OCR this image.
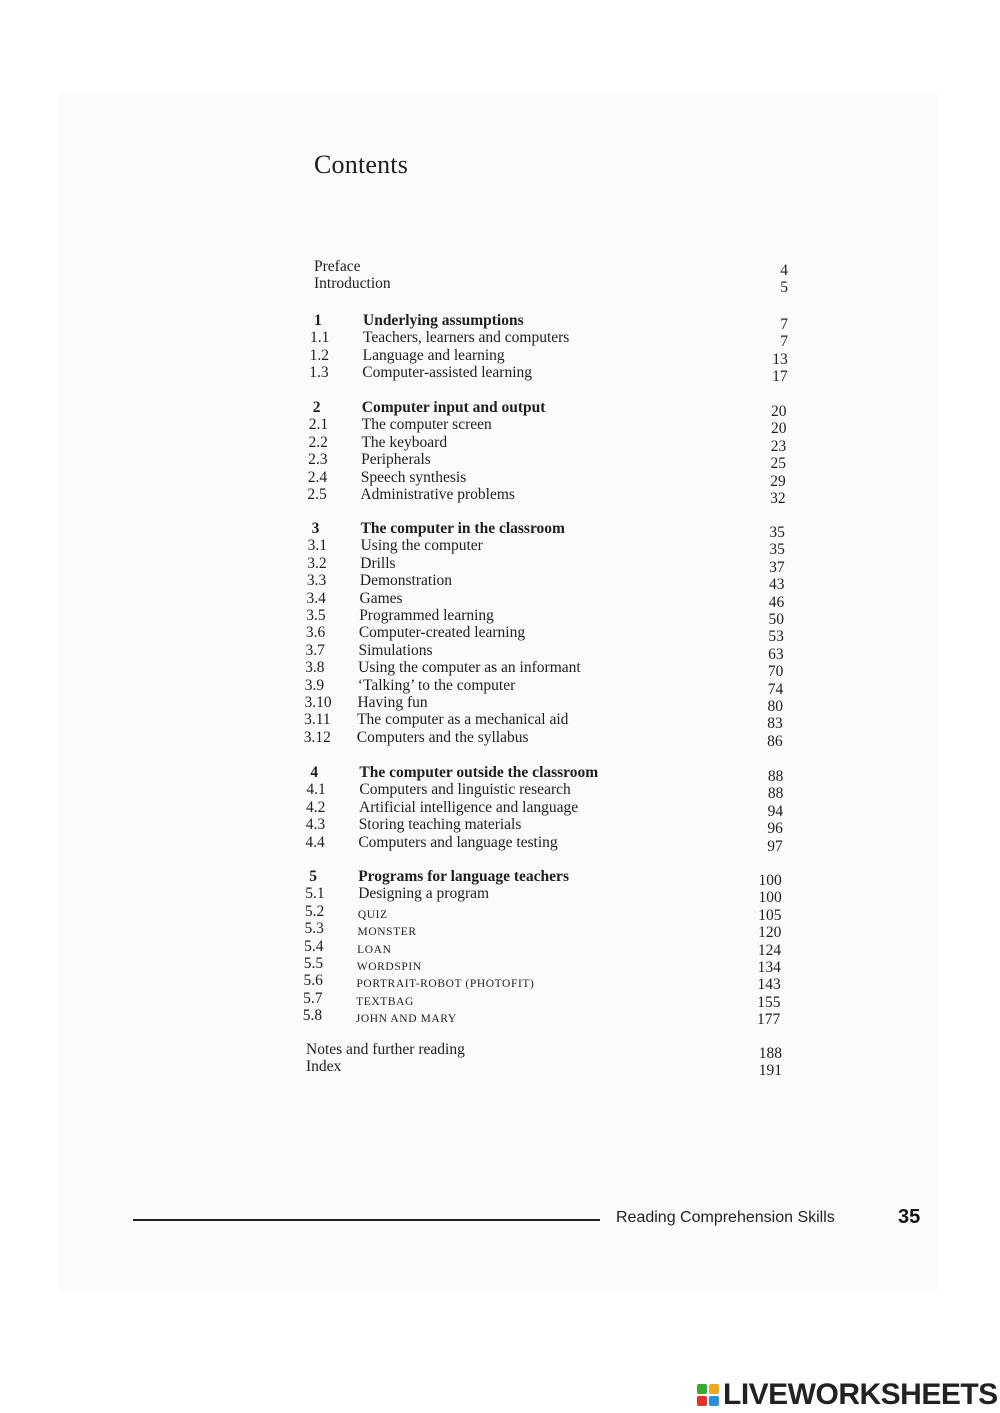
Contents
Preface	4
Introduction	5
1	Underlying assumptions	7
1.1 Teachers, learners and computers	7
1.2 Language and learning	13
1.3 Computer-assisted learning	17
2	Computer input and output	20
2.1 The computer screen	20
2.2 The keyboard	23
2.3 Peripherals	25
2.4 Speech synthesis	29
2.5 Administrative problems	32
3	The computer in the classroom	35
3.1 Using the computer	35
3.2 Drills	37
3.3 Demonstration	43
3.4 Games	46
3.5 Programmed learning	50
3.6 Computer-created learning	53
3.7 Simulations	63
3.8 Using the computer as an informant	70
3.9 ‘Talking’ to the computer	74
3.10 Having fun	80
3.11 The computer as a mechanical aid	83
3.12 Computers and the syllabus	86
4	The computer outside the classroom	88
4.1 Computers and linguistic research	88
4.2 Artificial intelligence and language	94
4.3 Storing teaching materials	96
4.4 Computers and language testing	97
5	Programs for language teachers	100
5.1 Designing a program	100
5.2	QUIZ	105
5.3	MONSTER	120
5.4	LOAN	124
5.5	WORDSPIN	134
5.6	PORTRAIT-ROBOT (PHOTOFIT)	143
5.7	TEXTBAG	155
5.8	JOHN AND MARY	177
Notes and further reading	188
Index	191
Reading Comprehension Skills	35
LIVEWORKSHEETS
